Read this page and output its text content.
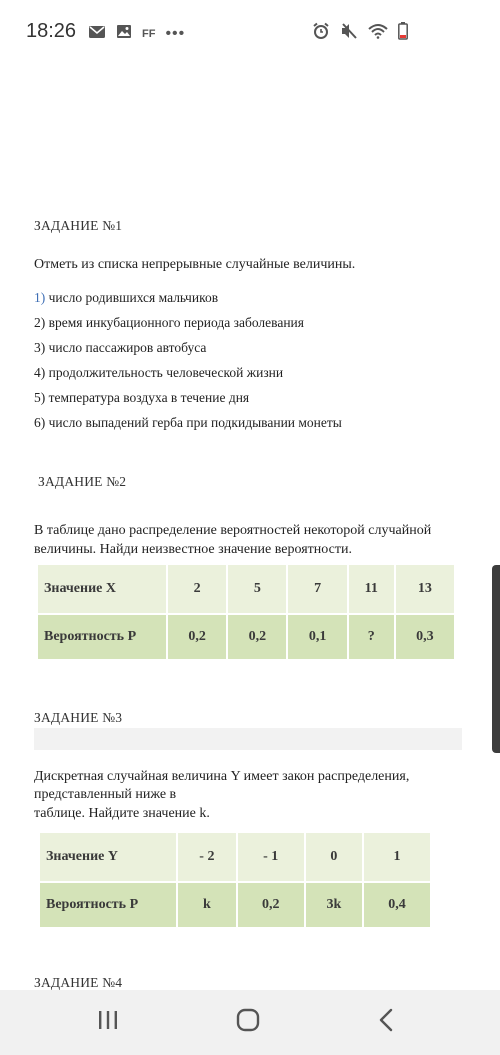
18:26	FF •••
ЗАДАНИЕ №1
Отметь из списка непрерывные случайные величины.
1) число родившихся мальчиков
2) время инкубационного периода заболевания
3) число пассажиров автобуса
4) продолжительность человеческой жизни
5) температура воздуха в течение дня
6) число выпадений герба при подкидывании монеты
ЗАДАНИЕ №2
В таблице дано распределение вероятностей некоторой случайной
величины. Найди неизвестное значение вероятности.
Значение X	2	5	7	11	13
Вероятность P	0,2	0,2	0,1	?	0,3
ЗАДАНИЕ №3
Дискретная случайная величина Y имеет закон распределения,
представленный ниже в
таблице. Найдите значение k.
Значение Y	- 2	- 1	0	1
Вероятность P	k	0,2	3k	0,4
ЗАДАНИЕ №4
